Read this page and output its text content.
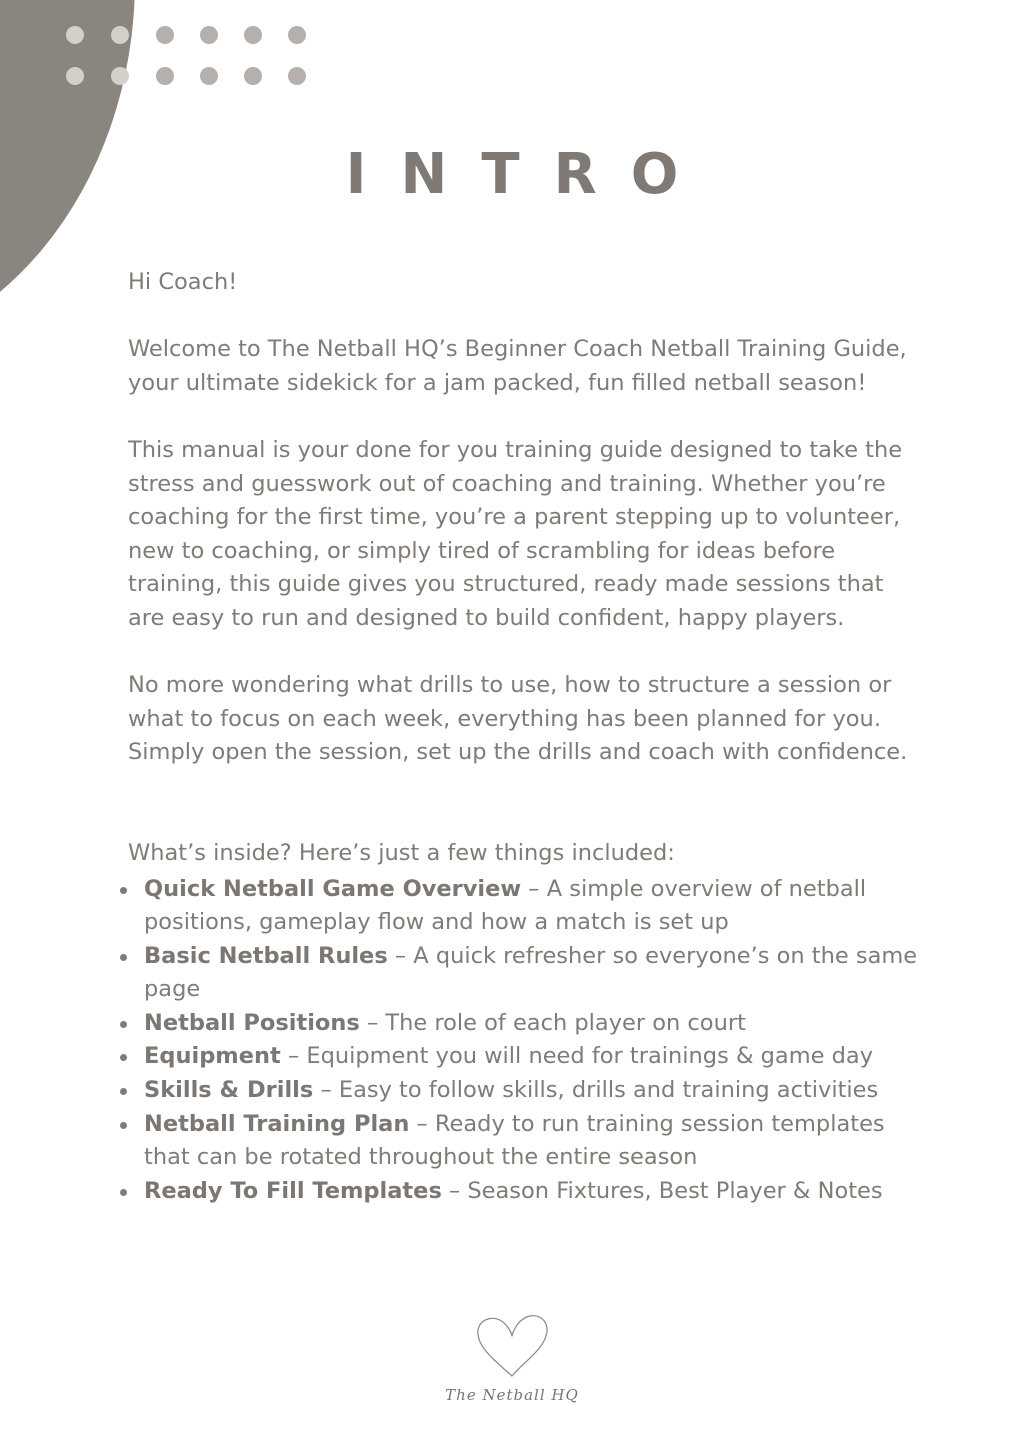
INTRO

Hi Coach!

Welcome to The Netball HQ’s Beginner Coach Netball Training Guide, your ultimate sidekick for a jam packed, fun filled netball season!

This manual is your done for you training guide designed to take the stress and guesswork out of coaching and training. Whether you’re coaching for the first time, you’re a parent stepping up to volunteer, new to coaching, or simply tired of scrambling for ideas before training, this guide gives you structured, ready made sessions that are easy to run and designed to build confident, happy players.

No more wondering what drills to use, how to structure a session or what to focus on each week, everything has been planned for you. Simply open the session, set up the drills and coach with confidence.

What’s inside? Here’s just a few things included:

Quick Netball Game Overview – A simple overview of netball positions, gameplay flow and how a match is set up
Basic Netball Rules – A quick refresher so everyone’s on the same page
Netball Positions – The role of each player on court
Equipment – Equipment you will need for trainings & game day
Skills & Drills – Easy to follow skills, drills and training activities
Netball Training Plan – Ready to run training session templates that can be rotated throughout the entire season
Ready To Fill Templates – Season Fixtures, Best Player & Notes
The Netball HQ
